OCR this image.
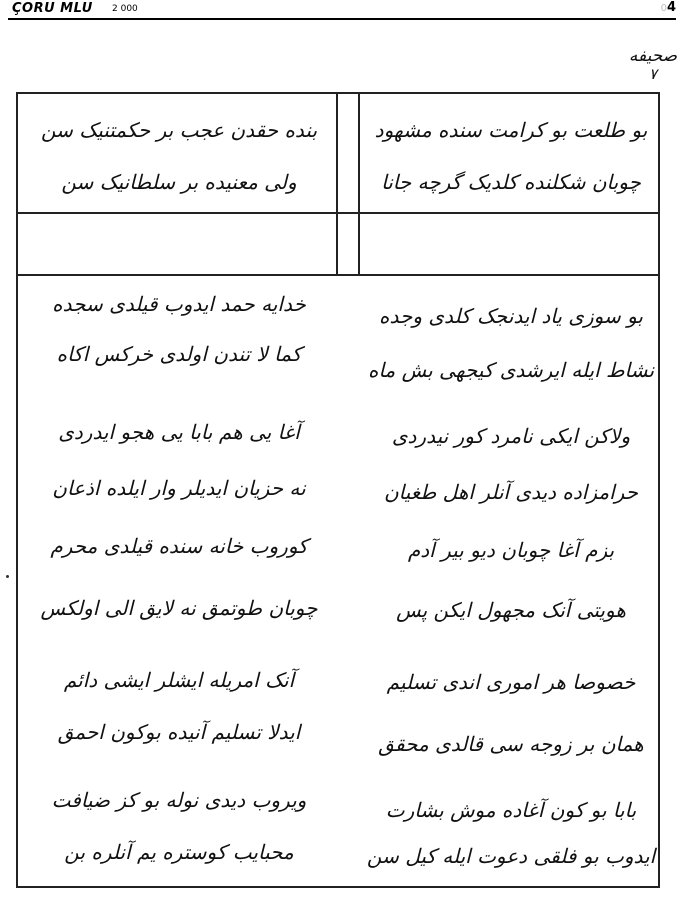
ÇORU MLU 2 000	04
صحیفه
۷
بو طلعت بو کرامت سنده مشهود
بنده حقدن عجب بر حکمتنیک سن
چوبان شکلنده کلدیک گرچه جانا
ولی معنیده بر سلطانیک سن
بو سوزی یاد ایدنجک کلدی وجده
خدایه حمد ایدوب قیلدی سجده
نشاط ایله ایرشدی کیجهی بش ماه
کما لا تندن اولدی خرکس اکاه
ولاکن ایکی نامرد کور نیدردی
آغا یی هم بابا یی هجو ایدردی
حرامزاده دیدی آنلر اهل طغیان
نه حزیان ایدیلر وار ایلده اذعان
بزم آغا چوبان دیو بیر آدم
کوروب خانه سنده قیلدی محرم
هویتی آنک مجهول ایکن پس
چوبان طوتمق نه لایق الی اولکس
خصوصا هر اموری اندی تسلیم
آنک امریله ایشلر ایشی دائم
همان بر زوجه سی قالدی محقق
ایدلا تسلیم آنیده بوکون احمق
بابا بو کون آغاده موش بشارت
ویروب دیدی نوله بو کز ضیافت
ایدوب بو فلقی دعوت ایله کیل سن
محبایب کوستره یم آنلره بن
